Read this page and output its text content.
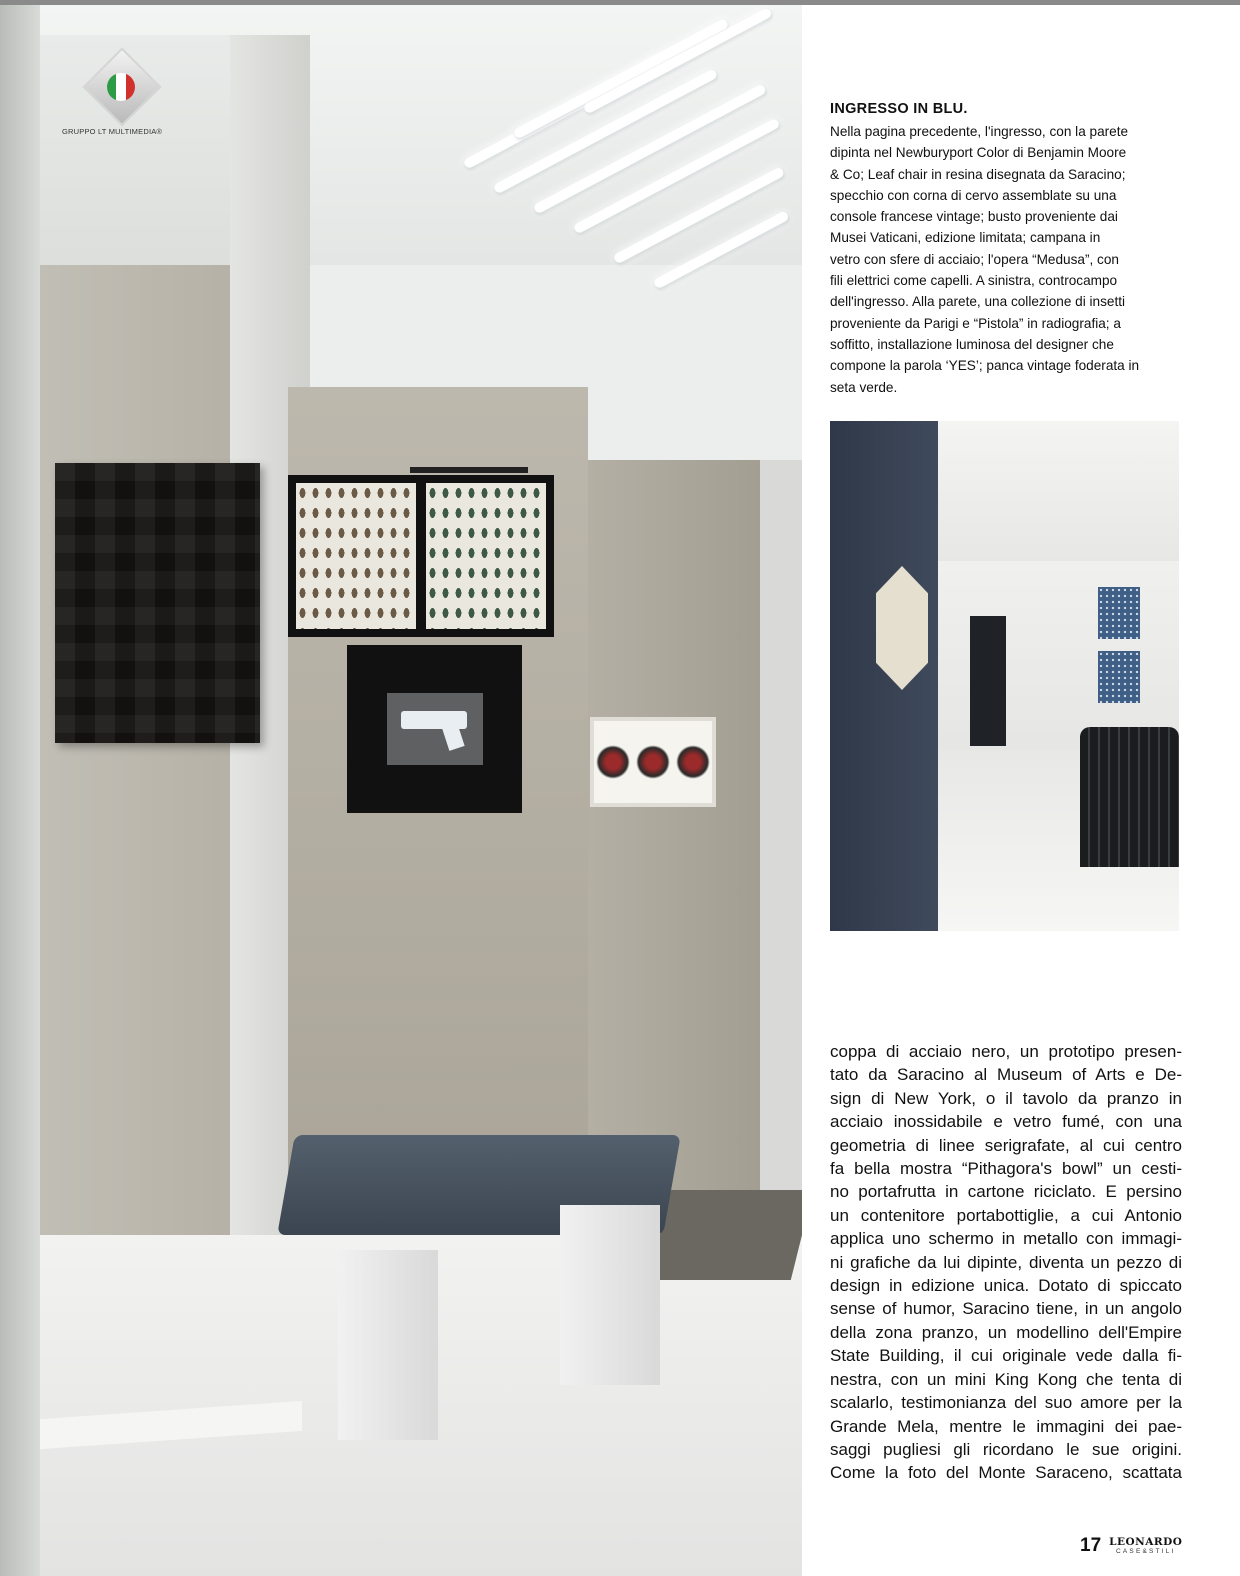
GRUPPO LT MULTIMEDIA®
INGRESSO IN BLU.
Nella pagina precedente, l'ingresso, con la parete
dipinta nel Newburyport Color di Benjamin Moore
& Co; Leaf chair in resina disegnata da Saracino;
specchio con corna di cervo assemblate su una
console francese vintage; busto proveniente dai
Musei Vaticani, edizione limitata; campana in
vetro con sfere di acciaio; l'opera “Medusa”, con
fili elettrici come capelli. A sinistra, controcampo
dell'ingresso. Alla parete, una collezione di insetti
proveniente da Parigi e “Pistola” in radiografia; a
soffitto, installazione luminosa del designer che
compone la parola ‘YES’; panca vintage foderata in
seta verde.
coppa di acciaio nero, un prototipo presen-
tato da Saracino al Museum of Arts e De-
sign di New York, o il tavolo da pranzo in
acciaio inossidabile e vetro fumé, con una
geometria di linee serigrafate, al cui centro
fa bella mostra “Pithagora's bowl” un cesti-
no portafrutta in cartone riciclato. E persino
un contenitore portabottiglie, a cui Antonio
applica uno schermo in metallo con immagi-
ni grafiche da lui dipinte, diventa un pezzo di
design in edizione unica. Dotato di spiccato
sense of humor, Saracino tiene, in un angolo
della zona pranzo, un modellino dell'Empire
State Building, il cui originale vede dalla fi-
nestra, con un mini King Kong che tenta di
scalarlo, testimonianza del suo amore per la
Grande Mela, mentre le immagini dei pae-
saggi pugliesi gli ricordano le sue origini.
Come la foto del Monte Saraceno, scattata
17 LEONARDO
CASE&STILI
